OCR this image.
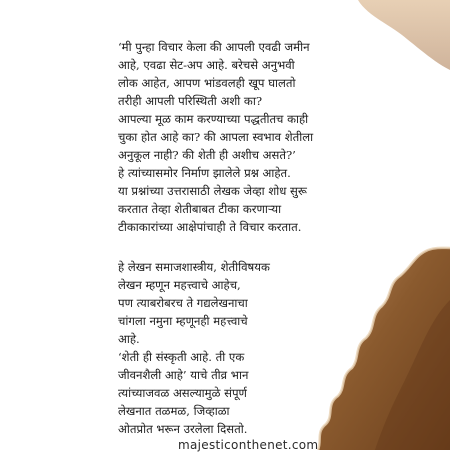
‘मी पुन्हा विचार केला की आपली एवढी जमीन
आहे, एवढा सेट-अप आहे. बरेचसे अनुभवी
लोक आहेत, आपण भांडवलही खूप घालतो
तरीही आपली परिस्थिती अशी का?
आपल्या मूळ काम करण्याच्या पद्धतीतच काही
चुका होत आहे का? की आपला स्वभाव शेतीला
अनुकूल नाही? की शेती ही अशीच असते?’
हे त्यांच्यासमोर निर्माण झालेले प्रश्न आहेत.
या प्रश्नांच्या उत्तरासाठी लेखक जेव्हा शोध सुरू
करतात तेव्हा शेतीबाबत टीका करणाऱ्या
टीकाकारांच्या आक्षेपांचाही ते विचार करतात.
हे लेखन समाजशास्त्रीय, शेतीविषयक
लेखन म्हणून महत्त्वाचे आहेच,
पण त्याबरोबरच ते गद्यलेखनाचा
चांगला नमुना म्हणूनही महत्त्वाचे
आहे.
‘शेती ही संस्कृती आहे. ती एक
जीवनशैली आहे’ याचे तीव्र भान
त्यांच्याजवळ असल्यामुळे संपूर्ण
लेखनात तळमळ, जिव्हाळा
ओतप्रोत भरून उरलेला दिसतो.
majesticonthenet.com
